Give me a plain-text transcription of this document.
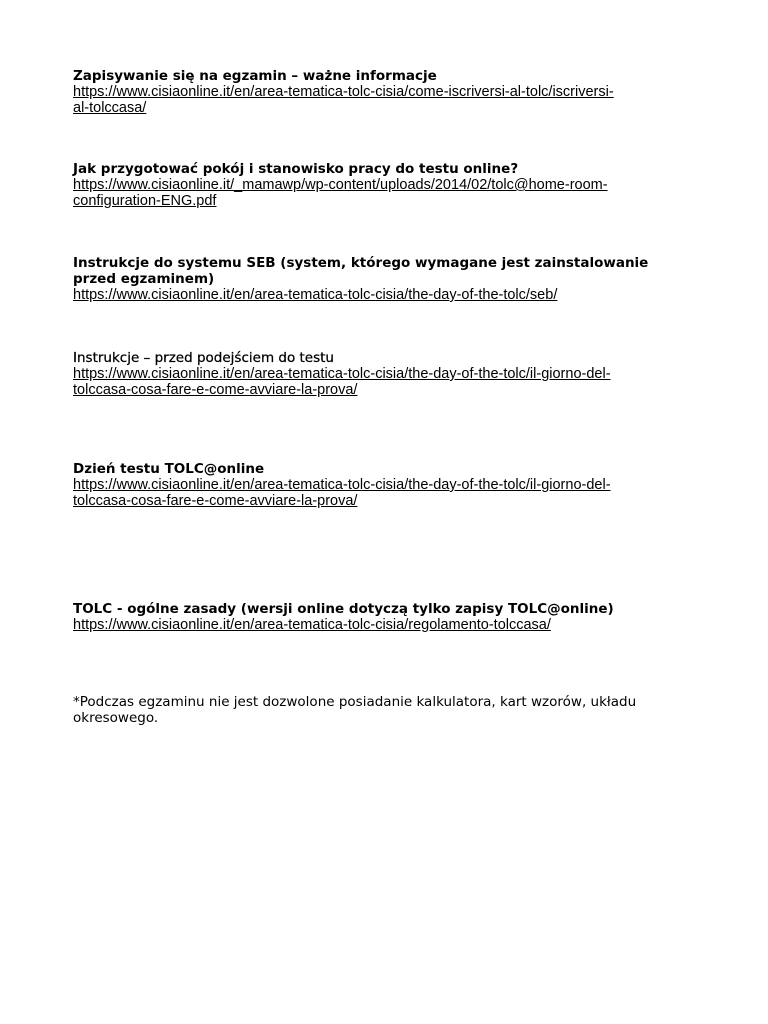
Zapisywanie się na egzamin – ważne informacje

https://www.cisiaonline.it/en/area-tematica-tolc-cisia/come-iscriversi-al-tolc/iscriversi-
al-tolccasa/

Jak przygotować pokój i stanowisko pracy do testu online?

https://www.cisiaonline.it/_mamawp/wp-content/uploads/2014/02/tolc@home-room-
configuration-ENG.pdf

Instrukcje do systemu SEB (system, którego wymagane jest zainstalowanie
przed egzaminem)

https://www.cisiaonline.it/en/area-tematica-tolc-cisia/the-day-of-the-tolc/seb/

Instrukcje – przed podejściem do testu

https://www.cisiaonline.it/en/area-tematica-tolc-cisia/the-day-of-the-tolc/il-giorno-del-
tolccasa-cosa-fare-e-come-avviare-la-prova/

Dzień testu TOLC@online

https://www.cisiaonline.it/en/area-tematica-tolc-cisia/the-day-of-the-tolc/il-giorno-del-
tolccasa-cosa-fare-e-come-avviare-la-prova/

TOLC - ogólne zasady (wersji online dotyczą tylko zapisy TOLC@online)

https://www.cisiaonline.it/en/area-tematica-tolc-cisia/regolamento-tolccasa/

*Podczas egzaminu nie jest dozwolone posiadanie kalkulatora, kart wzorów, układu
okresowego.
